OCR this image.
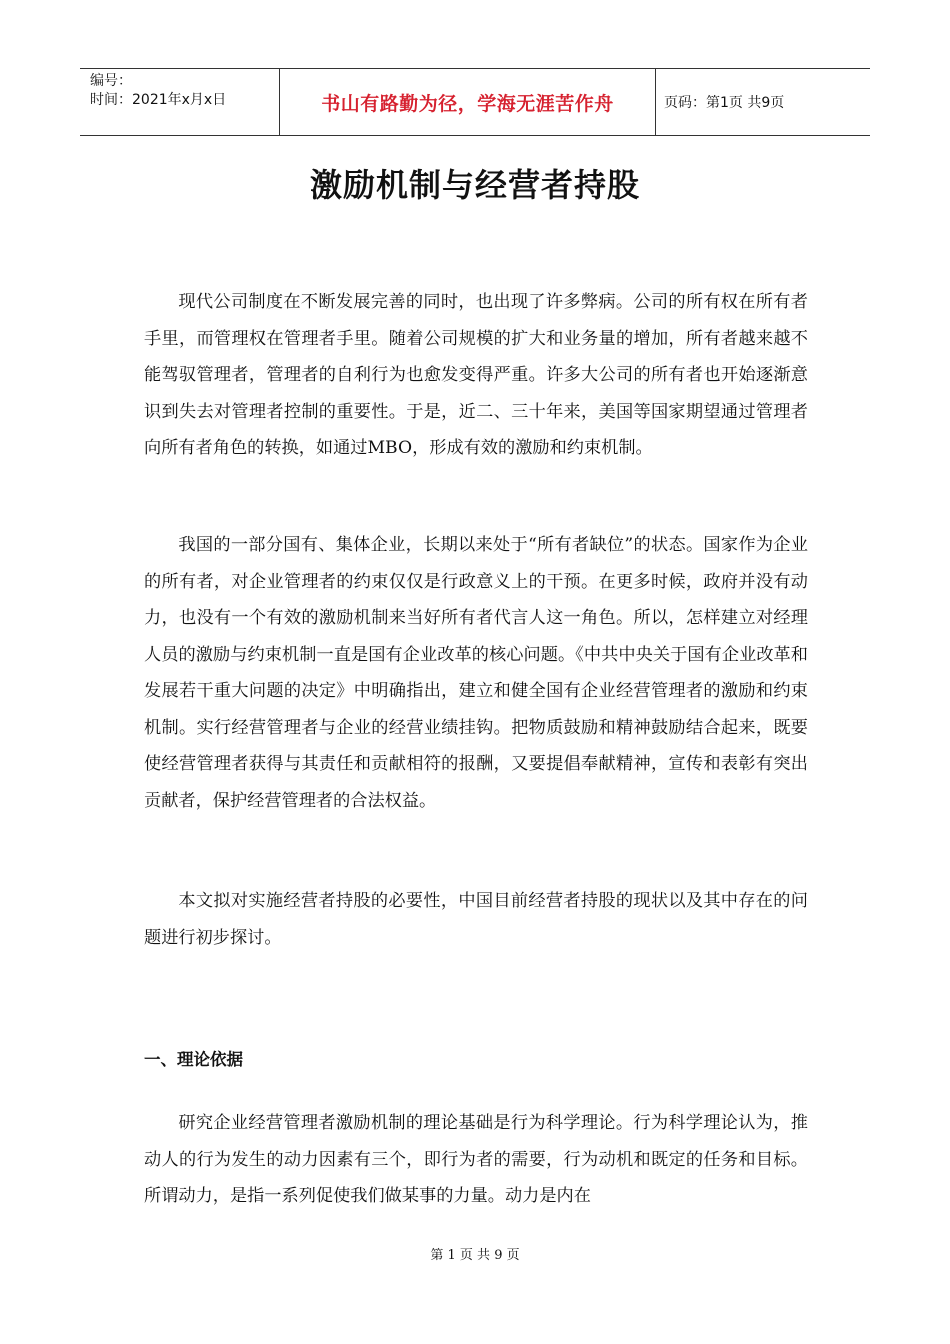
编号：
时间：2021年x月x日	书山有路勤为径，学海无涯苦作舟	页码：第1页 共9页
激励机制与经营者持股

现代公司制度在不断发展完善的同时，也出现了许多弊病。公司的所有权在所有者手里，而管理权在管理者手里。随着公司规模的扩大和业务量的增加，所有者越来越不能驾驭管理者，管理者的自利行为也愈发变得严重。许多大公司的所有者也开始逐渐意识到失去对管理者控制的重要性。于是，近二、三十年来，美国等国家期望通过管理者向所有者角色的转换，如通过MBO，形成有效的激励和约束机制。

我国的一部分国有、集体企业，长期以来处于“所有者缺位”的状态。国家作为企业的所有者，对企业管理者的约束仅仅是行政意义上的干预。在更多时候，政府并没有动力，也没有一个有效的激励机制来当好所有者代言人这一角色。所以，怎样建立对经理人员的激励与约束机制一直是国有企业改革的核心问题。《中共中央关于国有企业改革和发展若干重大问题的决定》中明确指出，建立和健全国有企业经营管理者的激励和约束机制。实行经营管理者与企业的经营业绩挂钩。把物质鼓励和精神鼓励结合起来，既要使经营管理者获得与其责任和贡献相符的报酬，又要提倡奉献精神，宣传和表彰有突出贡献者，保护经营管理者的合法权益。

本文拟对实施经营者持股的必要性，中国目前经营者持股的现状以及其中存在的问题进行初步探讨。

一、理论依据

研究企业经营管理者激励机制的理论基础是行为科学理论。行为科学理论认为，推动人的行为发生的动力因素有三个，即行为者的需要，行为动机和既定的任务和目标。所谓动力，是指一系列促使我们做某事的力量。动力是内在

第 1 页 共 9 页
